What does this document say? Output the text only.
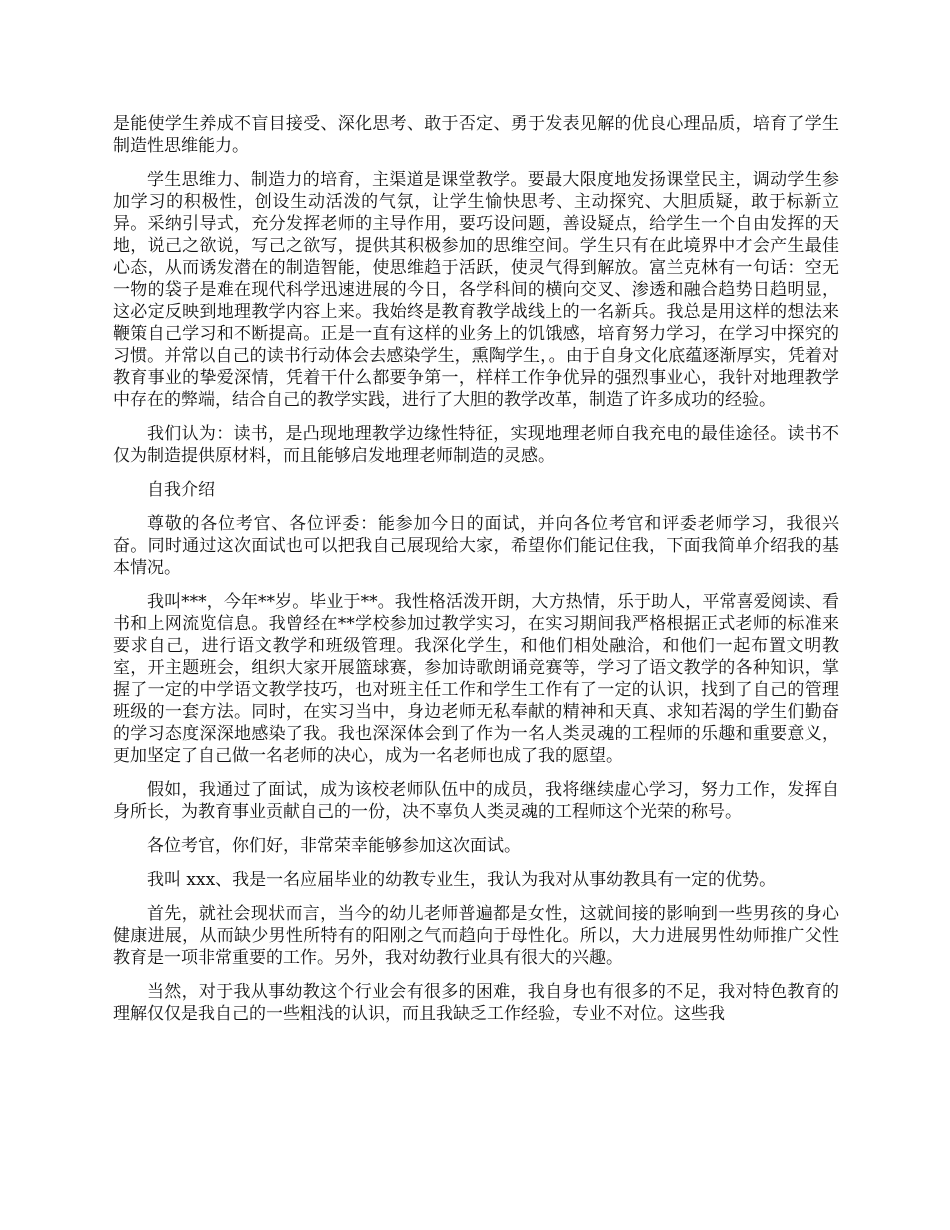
是能使学生养成不盲目接受、深化思考、敢于否定、勇于发表见解的优良心理品质，培育了学生制造性思维能力。

学生思维力、制造力的培育，主渠道是课堂教学。要最大限度地发扬课堂民主，调动学生参加学习的积极性，创设生动活泼的气氛，让学生愉快思考、主动探究、大胆质疑，敢于标新立异。采纳引导式，充分发挥老师的主导作用，要巧设问题，善设疑点，给学生一个自由发挥的天地，说己之欲说，写己之欲写，提供其积极参加的思维空间。学生只有在此境界中才会产生最佳心态，从而诱发潜在的制造智能，使思维趋于活跃，使灵气得到解放。富兰克林有一句话：空无一物的袋子是难在现代科学迅速进展的今日，各学科间的横向交叉、渗透和融合趋势日趋明显，这必定反映到地理教学内容上来。我始终是教育教学战线上的一名新兵。我总是用这样的想法来鞭策自己学习和不断提高。正是一直有这样的业务上的饥饿感，培育努力学习，在学习中探究的习惯。并常以自己的读书行动体会去感染学生，熏陶学生，。由于自身文化底蕴逐渐厚实，凭着对教育事业的挚爱深情，凭着干什么都要争第一，样样工作争优异的强烈事业心，我针对地理教学中存在的弊端，结合自己的教学实践，进行了大胆的教学改革，制造了许多成功的经验。

我们认为：读书，是凸现地理教学边缘性特征，实现地理老师自我充电的最佳途径。读书不仅为制造提供原材料，而且能够启发地理老师制造的灵感。

自我介绍

尊敬的各位考官、各位评委：能参加今日的面试，并向各位考官和评委老师学习，我很兴奋。同时通过这次面试也可以把我自己展现给大家，希望你们能记住我，下面我简单介绍我的基本情况。

我叫***，今年**岁。毕业于**。我性格活泼开朗，大方热情，乐于助人，平常喜爱阅读、看书和上网流览信息。我曾经在**学校参加过教学实习，在实习期间我严格根据正式老师的标准来要求自己，进行语文教学和班级管理。我深化学生，和他们相处融洽，和他们一起布置文明教室，开主题班会，组织大家开展篮球赛，参加诗歌朗诵竞赛等，学习了语文教学的各种知识，掌握了一定的中学语文教学技巧，也对班主任工作和学生工作有了一定的认识，找到了自己的管理班级的一套方法。同时，在实习当中，身边老师无私奉献的精神和天真、求知若渴的学生们勤奋的学习态度深深地感染了我。我也深深体会到了作为一名人类灵魂的工程师的乐趣和重要意义，更加坚定了自己做一名老师的决心，成为一名老师也成了我的愿望。

假如，我通过了面试，成为该校老师队伍中的成员，我将继续虚心学习，努力工作，发挥自身所长，为教育事业贡献自己的一份，决不辜负人类灵魂的工程师这个光荣的称号。

各位考官，你们好，非常荣幸能够参加这次面试。

我叫 xxx、我是一名应届毕业的幼教专业生，我认为我对从事幼教具有一定的优势。

首先，就社会现状而言，当今的幼儿老师普遍都是女性，这就间接的影响到一些男孩的身心健康进展，从而缺少男性所特有的阳刚之气而趋向于母性化。所以，大力进展男性幼师推广父性教育是一项非常重要的工作。另外，我对幼教行业具有很大的兴趣。

当然，对于我从事幼教这个行业会有很多的困难，我自身也有很多的不足，我对特色教育的理解仅仅是我自己的一些粗浅的认识，而且我缺乏工作经验，专业不对位。这些我
